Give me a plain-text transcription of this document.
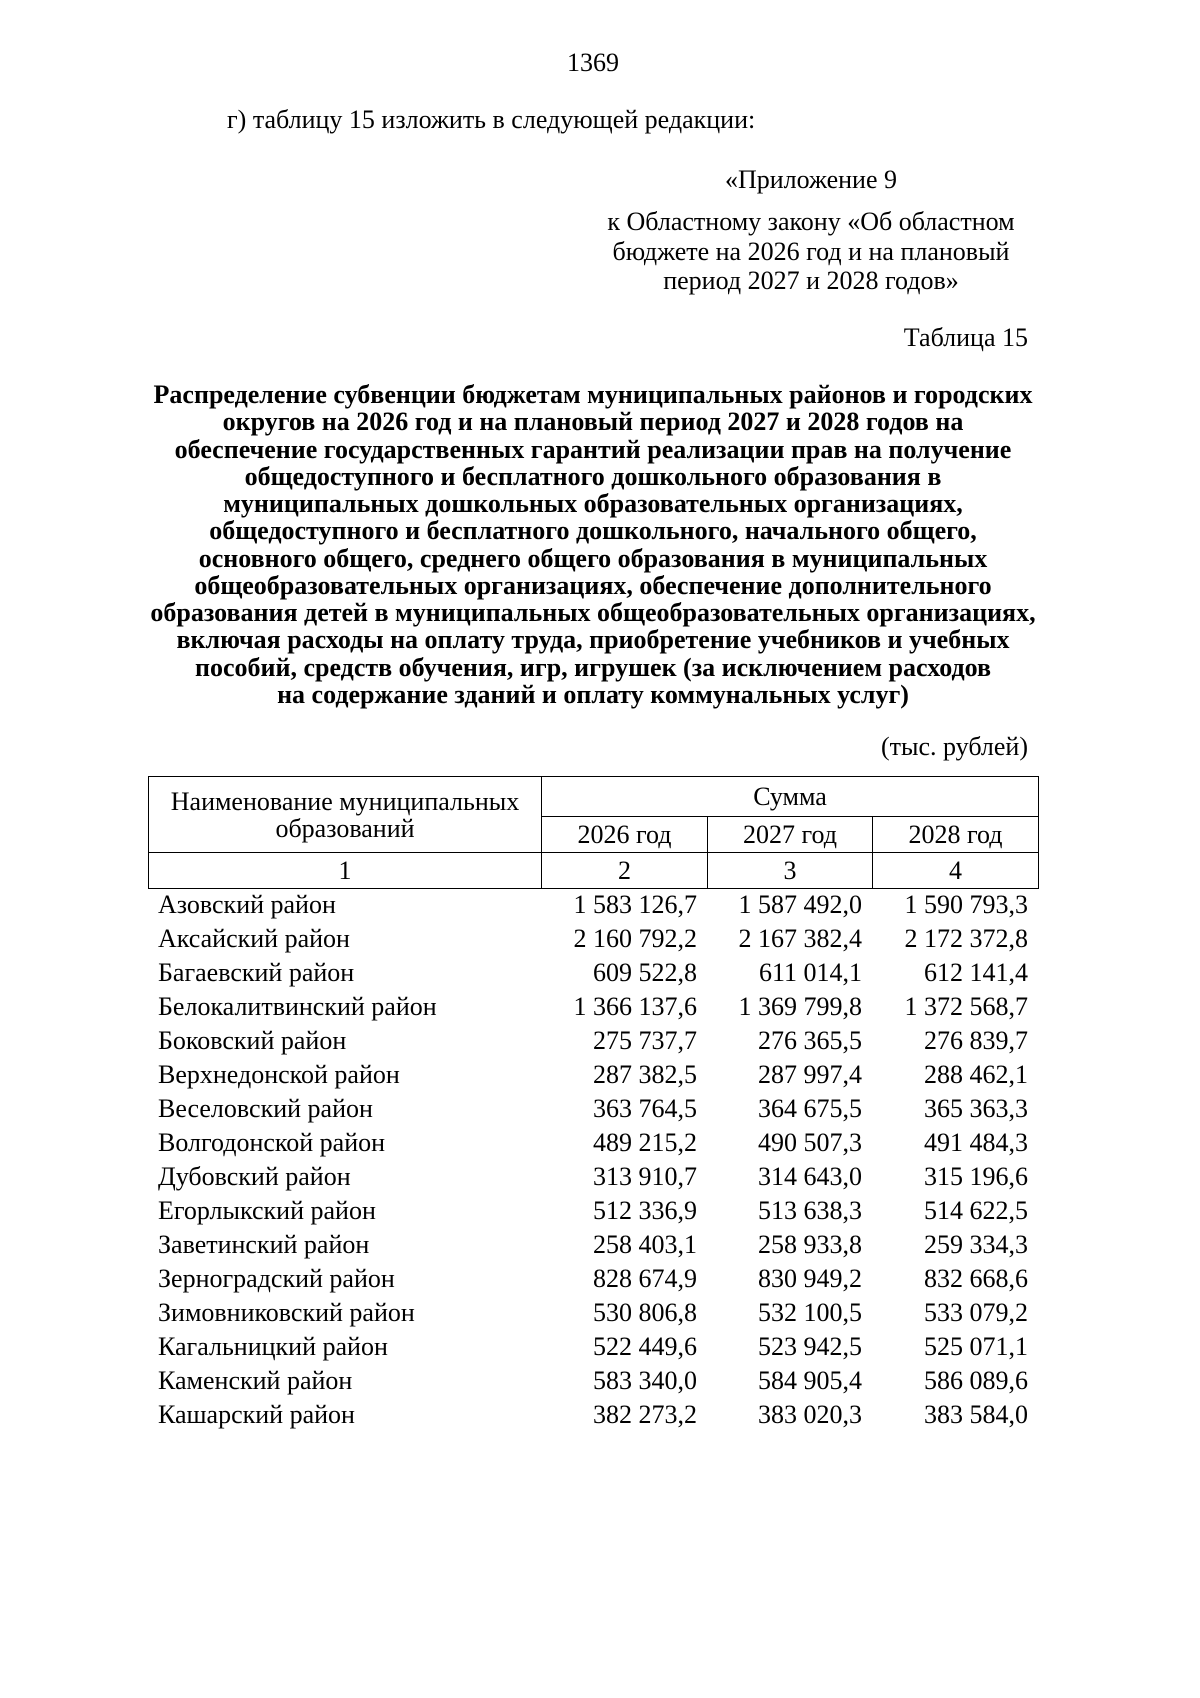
1369
г) таблицу 15 изложить в следующей редакции:
«Приложение 9
к Областному закону «Об областном
бюджете на 2026 год и на плановый
период 2027 и 2028 годов»
Таблица 15
Распределение субвенции бюджетам муниципальных районов и городских
округов на 2026 год и на плановый период 2027 и 2028 годов на
обеспечение государственных гарантий реализации прав на получение
общедоступного и бесплатного дошкольного образования в
муниципальных дошкольных образовательных организациях,
общедоступного и бесплатного дошкольного, начального общего,
основного общего, среднего общего образования в муниципальных
общеобразовательных организациях, обеспечение дополнительного
образования детей в муниципальных общеобразовательных организациях,
включая расходы на оплату труда, приобретение учебников и учебных
пособий, средств обучения, игр, игрушек (за исключением расходов
на содержание зданий и оплату коммунальных услуг)
(тыс. рублей)
Наименование муниципальных образований	Сумма		
	2026 год	2027 год	2028 год
1	2	3	4
Азовский район	1 583 126,7	1 587 492,0	1 590 793,3
Аксайский район	2 160 792,2	2 167 382,4	2 172 372,8
Багаевский район	609 522,8	611 014,1	612 141,4
Белокалитвинский район	1 366 137,6	1 369 799,8	1 372 568,7
Боковский район	275 737,7	276 365,5	276 839,7
Верхнедонской район	287 382,5	287 997,4	288 462,1
Веселовский район	363 764,5	364 675,5	365 363,3
Волгодонской район	489 215,2	490 507,3	491 484,3
Дубовский район	313 910,7	314 643,0	315 196,6
Егорлыкский район	512 336,9	513 638,3	514 622,5
Заветинский район	258 403,1	258 933,8	259 334,3
Зерноградский район	828 674,9	830 949,2	832 668,6
Зимовниковский район	530 806,8	532 100,5	533 079,2
Кагальницкий район	522 449,6	523 942,5	525 071,1
Каменский район	583 340,0	584 905,4	586 089,6
Кашарский район	382 273,2	383 020,3	383 584,0
